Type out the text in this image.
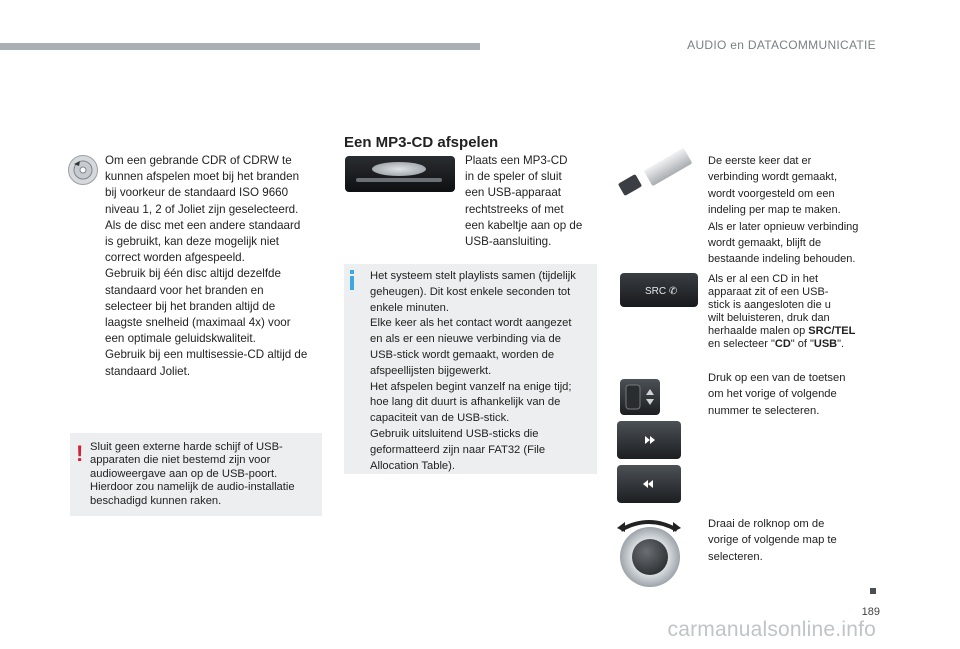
AUDIO en DATACOMMUNICATIE
Om een gebrande CDR of CDRW te
kunnen afspelen moet bij het branden
bij voorkeur de standaard ISO 9660
niveau 1, 2 of Joliet zijn geselecteerd.
Als de disc met een andere standaard
is gebruikt, kan deze mogelijk niet
correct worden afgespeeld.
Gebruik bij één disc altijd dezelfde
standaard voor het branden en
selecteer bij het branden altijd de
laagste snelheid (maximaal 4x) voor
een optimale geluidskwaliteit.
Gebruik bij een multisessie-CD altijd de
standaard Joliet.
! Sluit geen externe harde schijf of USB-
apparaten die niet bestemd zijn voor
audioweergave aan op de USB-poort.
Hierdoor zou namelijk de audio-installatie
beschadigd kunnen raken.
Een MP3-CD afspelen
Plaats een MP3-CD
in de speler of sluit
een USB-apparaat
rechtstreeks of met
een kabeltje aan op de
USB-aansluiting.
Het systeem stelt playlists samen (tijdelijk
geheugen). Dit kost enkele seconden tot
enkele minuten.
Elke keer als het contact wordt aangezet
en als er een nieuwe verbinding via de
USB-stick wordt gemaakt, worden de
afspeellijsten bijgewerkt.
Het afspelen begint vanzelf na enige tijd;
hoe lang dit duurt is afhankelijk van de
capaciteit van de USB-stick.
Gebruik uitsluitend USB-sticks die
geformatteerd zijn naar FAT32 (File
Allocation Table).
De eerste keer dat er
verbinding wordt gemaakt,
wordt voorgesteld om een
indeling per map te maken.
Als er later opnieuw verbinding
wordt gemaakt, blijft de
bestaande indeling behouden.
SRC ✆
Als er al een CD in het
apparaat zit of een USB-
stick is aangesloten die u
wilt beluisteren, druk dan
herhaalde malen op SRC/TEL
en selecteer "CD" of "USB".
Druk op een van de toetsen
om het vorige of volgende
nummer te selecteren.
Draai de rolknop om de
vorige of volgende map te
selecteren.
189
carmanualsonline.info
